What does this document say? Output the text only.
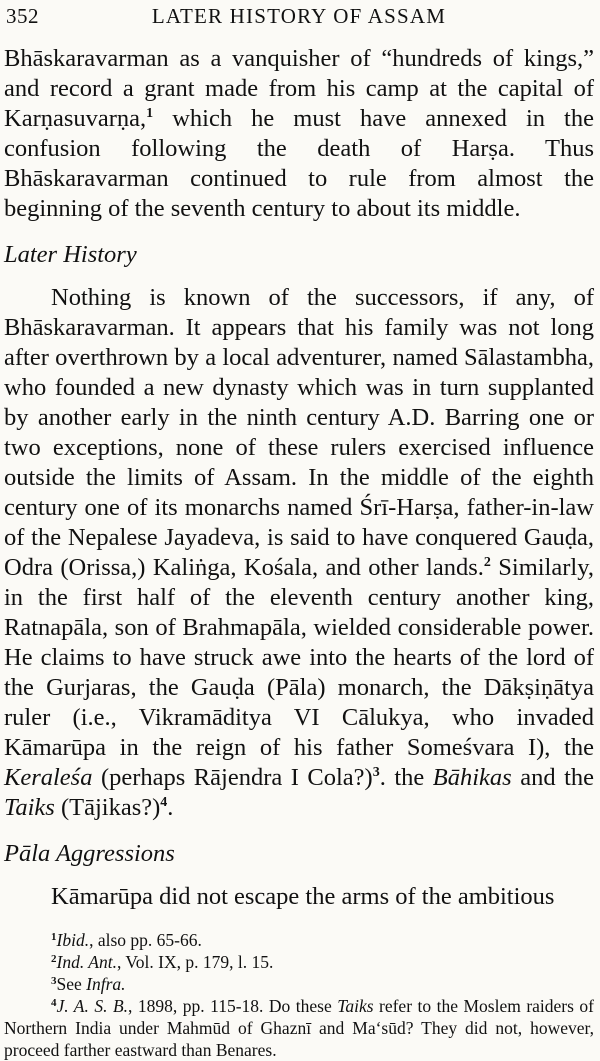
352	LATER HISTORY OF ASSAM

Bhāskaravarman as a vanquisher of “hundreds of kings,” and record a grant made from his camp at the capital of Karṇasuvarṇa,$^1$ which he must have annexed in the confusion following the death of Harṣa. Thus Bhāskaravarman continued to rule from almost the beginning of the seventh century to about its middle.

Later History

Nothing is known of the successors, if any, of Bhāskaravarman. It appears that his family was not long after overthrown by a local adventurer, named Sālastambha, who founded a new dynasty which was in turn supplanted by another early in the ninth century A.D. Barring one or two exceptions, none of these rulers exercised influence outside the limits of Assam. In the middle of the eighth century one of its monarchs named Śrī-Harṣa, father-in-law of the Nepalese Jayadeva, is said to have conquered Gauḍa, Odra (Orissa,) Kaliṅga, Kośala, and other lands.$^2$ Similarly, in the first half of the eleventh century another king, Ratnapāla, son of Brahmapāla, wielded considerable power. He claims to have struck awe into the hearts of the lord of the Gurjaras, the Gauḍa (Pāla) monarch, the Dākṣiṇātya ruler (i.e., Vikramāditya VI Cālukya, who invaded Kāmarūpa in the reign of his father Someśvara I), the Keraleśa (perhaps Rājendra I Cola?)$^3$. the Bāhikas and the Taiks (Tājikas?)$^4$.

Pāla Aggressions

Kāmarūpa did not escape the arms of the ambitious

$^1$Ibid., also pp. 65-66.

$^2$Ind. Ant., Vol. IX, p. 179, l. 15.

$^3$See Infra.

$^4$J. A. S. B., 1898, pp. 115-18. Do these Taiks refer to the Moslem raiders of Northern India under Mahmūd of Ghaznī and Ma‘sūd? They did not, however, proceed farther eastward than Benares.
